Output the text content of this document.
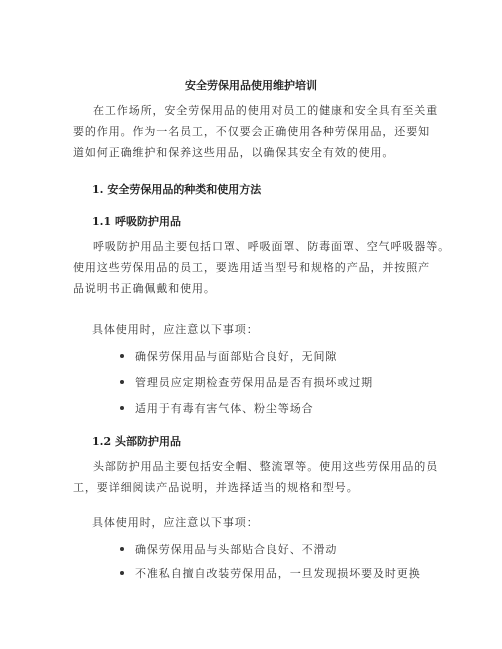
安全劳保用品使用维护培训
在工作场所，安全劳保用品的使用对员工的健康和安全具有至关重
要的作用。作为一名员工，不仅要会正确使用各种劳保用品，还要知
道如何正确维护和保养这些用品，以确保其安全有效的使用。
1. 安全劳保用品的种类和使用方法
1.1 呼吸防护用品
呼吸防护用品主要包括口罩、呼吸面罩、防毒面罩、空气呼吸器等。
使用这些劳保用品的员工，要选用适当型号和规格的产品，并按照产
品说明书正确佩戴和使用。
具体使用时，应注意以下事项：
确保劳保用品与面部贴合良好，无间隙
管理员应定期检查劳保用品是否有损坏或过期
适用于有毒有害气体、粉尘等场合
1.2 头部防护用品
头部防护用品主要包括安全帽、整流罩等。使用这些劳保用品的员
工，要详细阅读产品说明，并选择适当的规格和型号。
具体使用时，应注意以下事项：
确保劳保用品与头部贴合良好、不滑动
不准私自擅自改装劳保用品，一旦发现损坏要及时更换
